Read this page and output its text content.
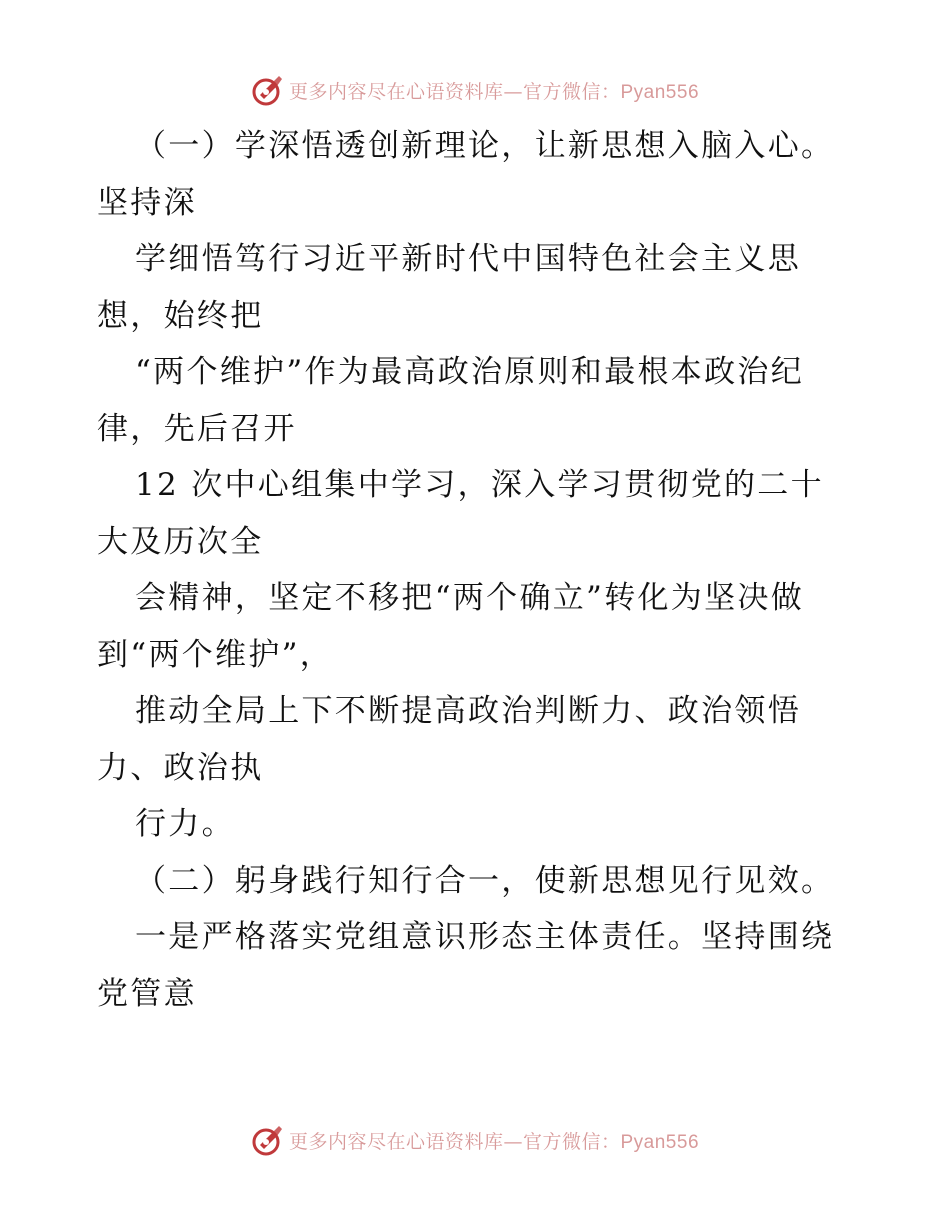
更多内容尽在心语资料库—官方微信：Pyan556
（一）学深悟透创新理论，让新思想入脑入心。
坚持深
学细悟笃行习近平新时代中国特色社会主义思
想，始终把
“两个维护”作为最高政治原则和最根本政治纪
律，先后召开
12 次中心组集中学习，深入学习贯彻党的二十
大及历次全
会精神，坚定不移把“两个确立”转化为坚决做
到“两个维护”，
推动全局上下不断提高政治判断力、政治领悟
力、政治执
行力。
（二）躬身践行知行合一，使新思想见行见效。
一是严格落实党组意识形态主体责任。坚持围绕
党管意
更多内容尽在心语资料库—官方微信：Pyan556
